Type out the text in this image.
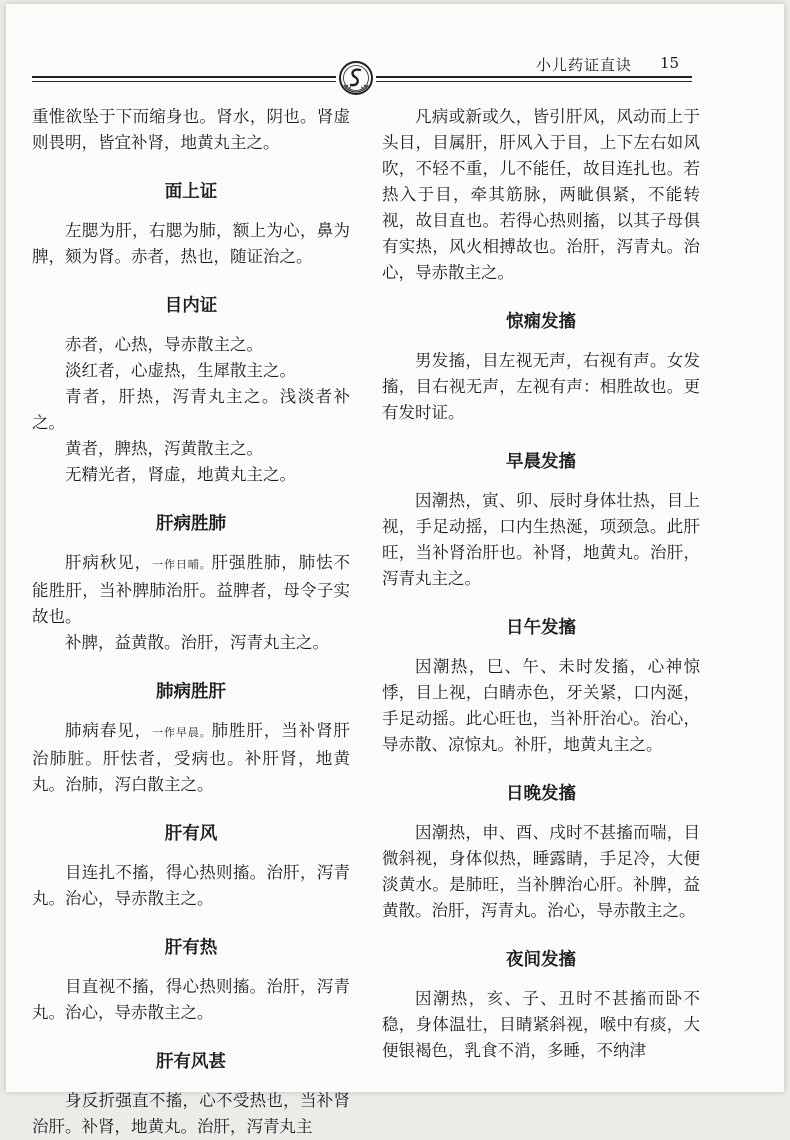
小儿药证直诀 15

重惟欲坠于下而缩身也。肾水，阴也。肾虚则畏明，皆宜补肾，地黄丸主之。

面上证

左腮为肝，右腮为肺，额上为心，鼻为脾，颏为肾。赤者，热也，随证治之。

目内证

赤者，心热，导赤散主之。

淡红者，心虚热，生犀散主之。

青者，肝热，泻青丸主之。浅淡者补之。

黄者，脾热，泻黄散主之。

无精光者，肾虚，地黄丸主之。

肝病胜肺

肝病秋见，一作日晡。肝强胜肺，肺怯不能胜肝，当补脾肺治肝。益脾者，母令子实故也。

补脾，益黄散。治肝，泻青丸主之。

肺病胜肝

肺病春见，一作早晨。肺胜肝，当补肾肝治肺脏。肝怯者，受病也。补肝肾，地黄丸。治肺，泻白散主之。

肝有风

目连扎不搐，得心热则搐。治肝，泻青丸。治心，导赤散主之。

肝有热

目直视不搐，得心热则搐。治肝，泻青丸。治心，导赤散主之。

肝有风甚

身反折强直不搐，心不受热也，当补肾治肝。补肾，地黄丸。治肝，泻青丸主

凡病或新或久，皆引肝风，风动而上于头目，目属肝，肝风入于目，上下左右如风吹，不轻不重，儿不能任，故目连扎也。若热入于目，牵其筋脉，两眦俱紧，不能转视，故目直也。若得心热则搐，以其子母俱有实热，风火相搏故也。治肝，泻青丸。治心，导赤散主之。

惊痫发搐

男发搐，目左视无声，右视有声。女发搐，目右视无声，左视有声：相胜故也。更有发时证。

早晨发搐

因潮热，寅、卯、辰时身体壮热，目上视，手足动摇，口内生热涎，项颈急。此肝旺，当补肾治肝也。补肾，地黄丸。治肝，泻青丸主之。

日午发搐

因潮热，巳、午、未时发搐，心神惊悸，目上视，白睛赤色，牙关紧，口内涎，手足动摇。此心旺也，当补肝治心。治心，导赤散、凉惊丸。补肝，地黄丸主之。

日晚发搐

因潮热，申、酉、戌时不甚搐而喘，目微斜视，身体似热，睡露睛，手足冷，大便淡黄水。是肺旺，当补脾治心肝。补脾，益黄散。治肝，泻青丸。治心，导赤散主之。

夜间发搐

因潮热，亥、子、丑时不甚搐而卧不稳，身体温壮，目睛紧斜视，喉中有痰，大便银褐色，乳食不消，多睡，不纳津
